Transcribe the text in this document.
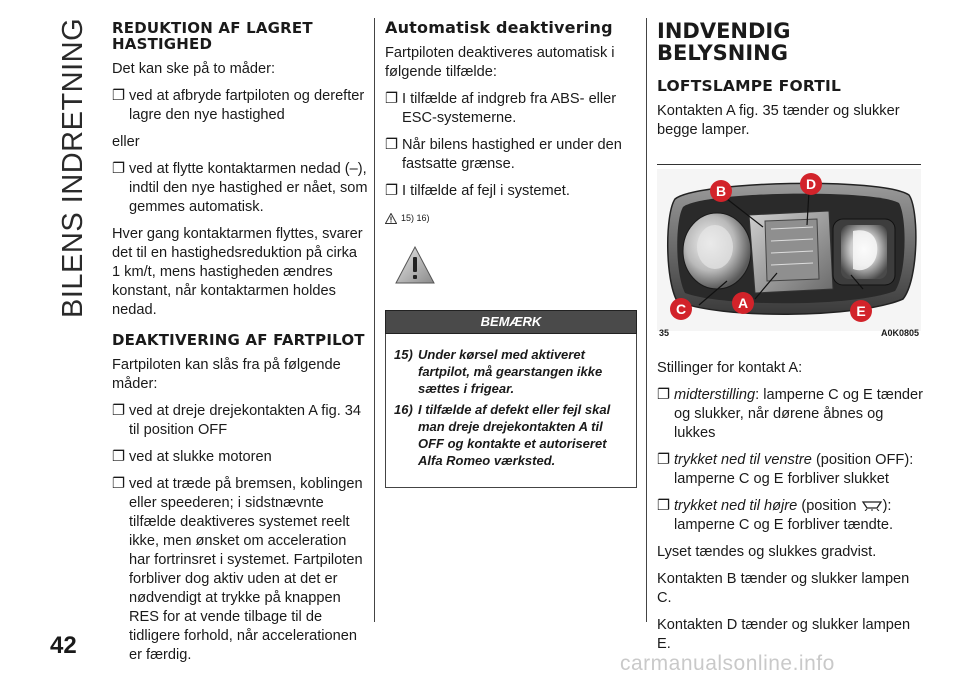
BILENS INDRETNING
42
REDUKTION AF LAGRET HASTIGHED

Det kan ske på to måder:

❐ ved at afbryde fartpiloten og derefter lagre den nye hastighed

eller

❐ ved at flytte kontaktarmen nedad (–), indtil den nye hastighed er nået, som gemmes automatisk.

Hver gang kontaktarmen flyttes, svarer det til en hastighedsreduktion på cirka 1 km/t, mens hastigheden ændres konstant, når kontaktarmen holdes nedad.

DEAKTIVERING AF FARTPILOT

Fartpiloten kan slås fra på følgende måder:

❐ ved at dreje drejekontakten A fig. 34 til position OFF
❐ ved at slukke motoren
❐ ved at træde på bremsen, koblingen eller speederen; i sidstnævnte tilfælde deaktiveres systemet reelt ikke, men ønsket om acceleration har fortrinsret i systemet. Fartpiloten forbliver dog aktiv uden at det er nødvendigt at trykke på knappen RES for at vende tilbage til de tidligere forhold, når accelerationen er færdig.
Automatisk deaktivering

Fartpiloten deaktiveres automatisk i følgende tilfælde:

❐ I tilfælde af indgreb fra ABS- eller ESC-systemerne.
❐ Når bilens hastighed er under den fastsatte grænse.
❐ I tilfælde af fejl i systemet.
15) 16)
BEMÆRK
15) Under kørsel med aktiveret fartpilot, må gearstangen ikke sættes i frigear.
16) I tilfælde af defekt eller fejl skal man dreje drejekontakten A til OFF og kontakte et autoriseret Alfa Romeo værksted.
INDVENDIG BELYSNING
LOFTSLAMPE FORTIL

Kontakten A fig. 35 tænder og slukker begge lamper.

B	D
A
C	E
35	A0K0805

Stillinger for kontakt A:

❐ midterstilling: lamperne C og E tænder og slukker, når dørene åbnes og lukkes
❐ trykket ned til venstre (position OFF): lamperne C og E forbliver slukket
❐ trykket ned til højre (position ): lamperne C og E forbliver tændte.

Lyset tændes og slukkes gradvist.

Kontakten B tænder og slukker lampen C.

Kontakten D tænder og slukker lampen E.

carmanualsonline.info
